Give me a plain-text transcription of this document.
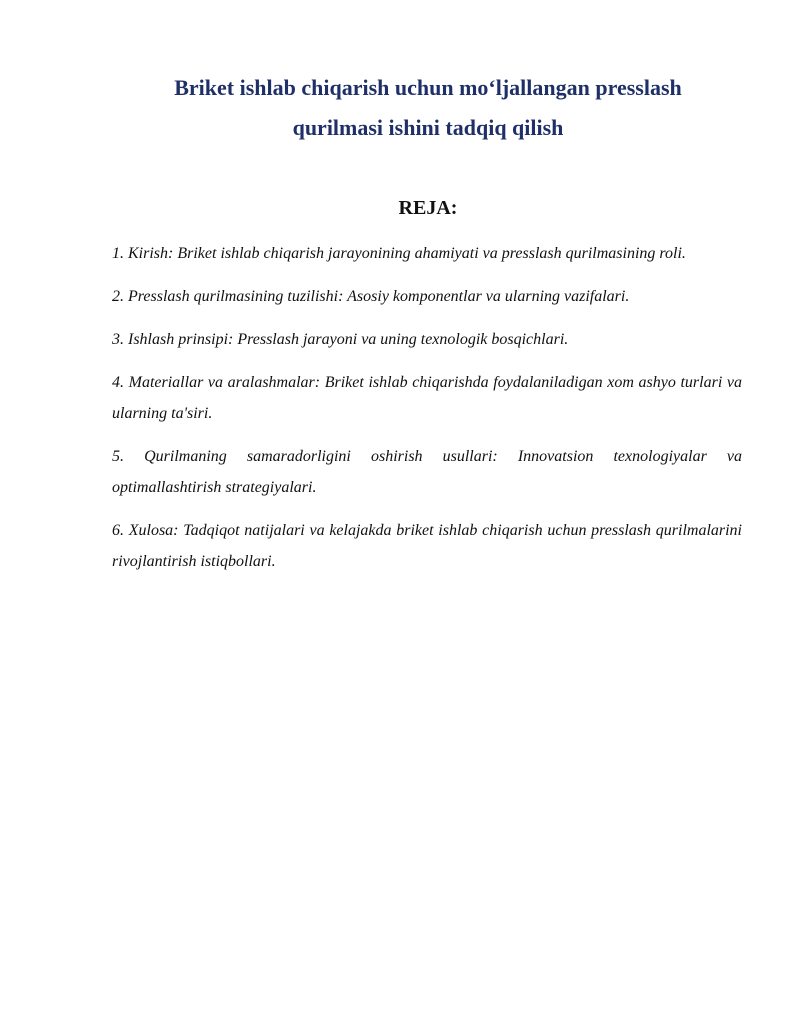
Briket ishlab chiqarish uchun mo‘ljallangan presslash
qurilmasi ishini tadqiq qilish
REJA:

1. Kirish: Briket ishlab chiqarish jarayonining ahamiyati va presslash qurilmasining roli.

2. Presslash qurilmasining tuzilishi: Asosiy komponentlar va ularning vazifalari.

3. Ishlash prinsipi: Presslash jarayoni va uning texnologik bosqichlari.

4. Materiallar va aralashmalar: Briket ishlab chiqarishda foydalaniladigan xom ashyo turlari va ularning ta'siri.

5. Qurilmaning samaradorligini oshirish usullari: Innovatsion texnologiyalar va optimallashtirish strategiyalari.

6. Xulosa: Tadqiqot natijalari va kelajakda briket ishlab chiqarish uchun presslash qurilmalarini rivojlantirish istiqbollari.
